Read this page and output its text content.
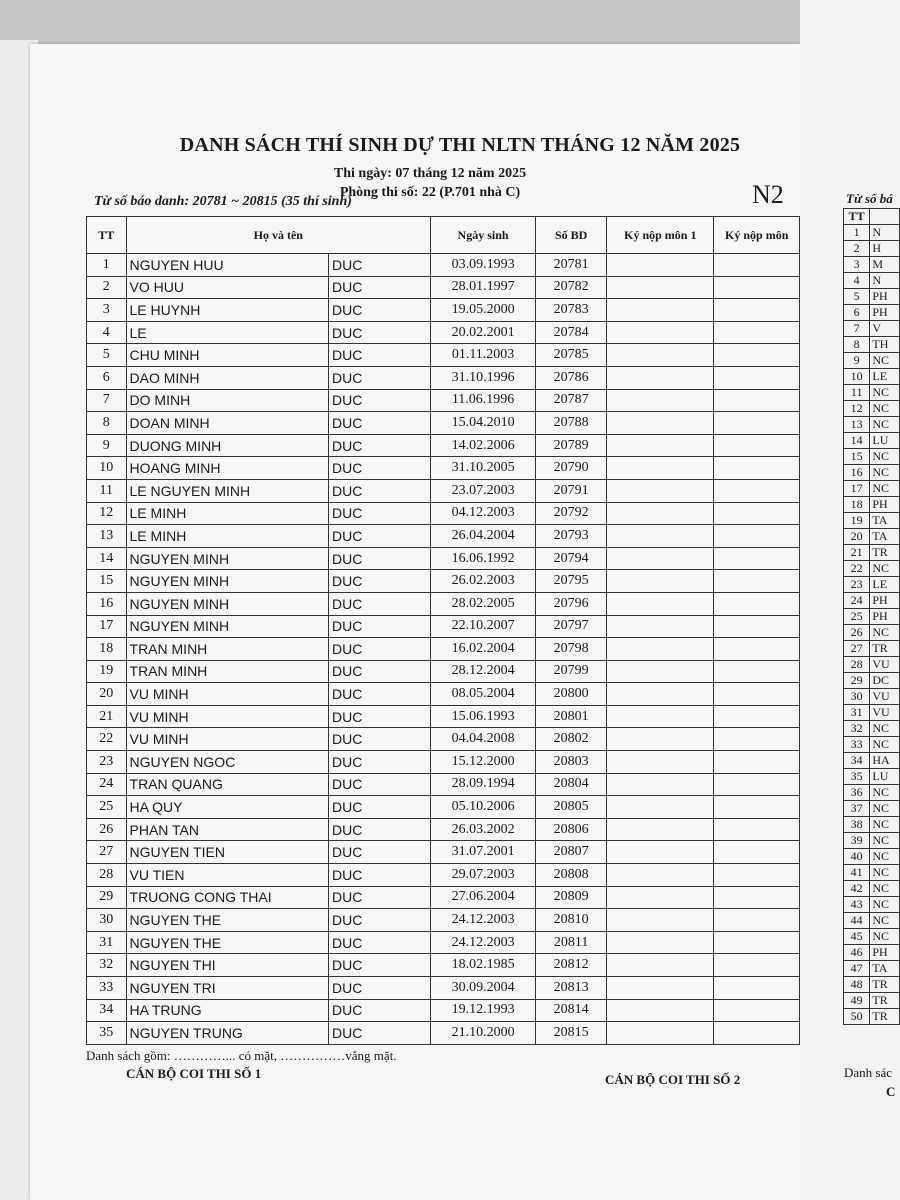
DANH SÁCH THÍ SINH DỰ THI NLTN THÁNG 12 NĂM 2025
Thi ngày: 07 tháng 12 năm 2025
Phòng thi số: 22 (P.701 nhà C)
Từ số báo danh: 20781 ~ 20815 (35 thí sinh)	N2
TT	Họ và tên		Ngày sinh	Số BD	Ký nộp môn 1	Ký nộp môn
1	NGUYEN HUU	DUC	03.09.1993	20781		
2	VO HUU	DUC	28.01.1997	20782		
3	LE HUYNH	DUC	19.05.2000	20783		
4	LE	DUC	20.02.2001	20784		
5	CHU MINH	DUC	01.11.2003	20785		
6	DAO MINH	DUC	31.10.1996	20786		
7	DO MINH	DUC	11.06.1996	20787		
8	DOAN MINH	DUC	15.04.2010	20788		
9	DUONG MINH	DUC	14.02.2006	20789		
10	HOANG MINH	DUC	31.10.2005	20790		
11	LE NGUYEN MINH	DUC	23.07.2003	20791		
12	LE MINH	DUC	04.12.2003	20792		
13	LE MINH	DUC	26.04.2004	20793		
14	NGUYEN MINH	DUC	16.06.1992	20794		
15	NGUYEN MINH	DUC	26.02.2003	20795		
16	NGUYEN MINH	DUC	28.02.2005	20796		
17	NGUYEN MINH	DUC	22.10.2007	20797		
18	TRAN MINH	DUC	16.02.2004	20798		
19	TRAN MINH	DUC	28.12.2004	20799		
20	VU MINH	DUC	08.05.2004	20800		
21	VU MINH	DUC	15.06.1993	20801		
22	VU MINH	DUC	04.04.2008	20802		
23	NGUYEN NGOC	DUC	15.12.2000	20803		
24	TRAN QUANG	DUC	28.09.1994	20804		
25	HA QUY	DUC	05.10.2006	20805		
26	PHAN TAN	DUC	26.03.2002	20806		
27	NGUYEN TIEN	DUC	31.07.2001	20807		
28	VU TIEN	DUC	29.07.2003	20808		
29	TRUONG CONG THAI	DUC	27.06.2004	20809		
30	NGUYEN THE	DUC	24.12.2003	20810		
31	NGUYEN THE	DUC	24.12.2003	20811		
32	NGUYEN THI	DUC	18.02.1985	20812		
33	NGUYEN TRI	DUC	30.09.2004	20813		
34	HA TRUNG	DUC	19.12.1993	20814		
35	NGUYEN TRUNG	DUC	21.10.2000	20815		
Danh sách gồm: …………... có mặt, ……………vắng mặt.
CÁN BỘ COI THI SỐ 1	CÁN BỘ COI THI SỐ 2
Từ số bá
TT	
1	N
2	H
3	M
4	N
5	PH
6	PH
7	V
8	TH
9	NC
10	LE
11	NC
12	NC
13	NC
14	LU
15	NC
16	NC
17	NC
18	PH
19	TA
20	TA
21	TR
22	NC
23	LE
24	PH
25	PH
26	NC
27	TR
28	VU
29	DC
30	VU
31	VU
32	NC
33	NC
34	HA
35	LU
36	NC
37	NC
38	NC
39	NC
40	NC
41	NC
42	NC
43	NC
44	NC
45	NC
46	PH
47	TA
48	TR
49	TR
50	TR
Danh sác
C
